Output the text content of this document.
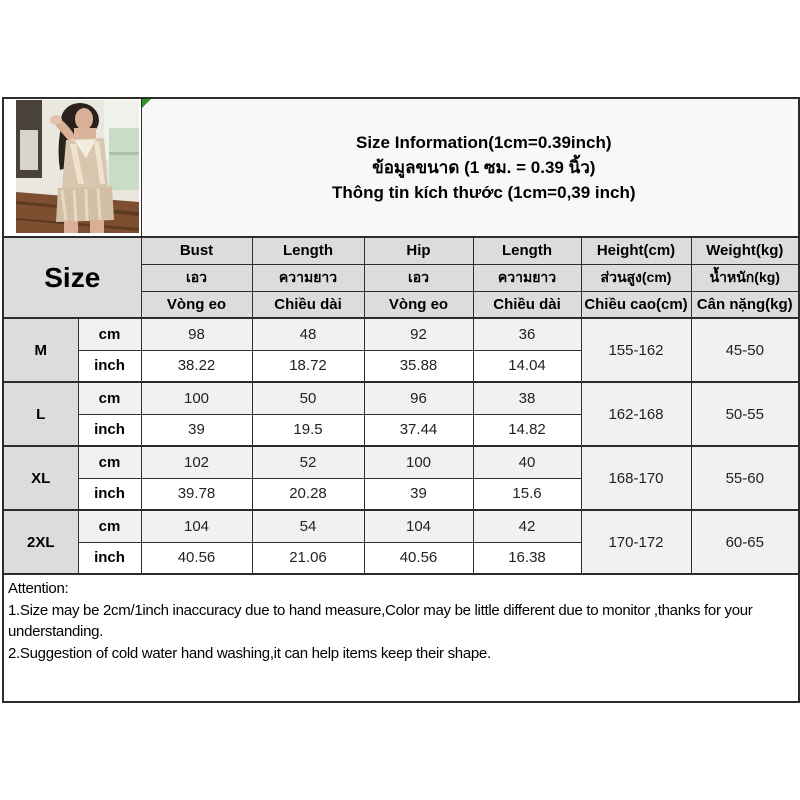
Size Information(1cm=0.39inch)
ข้อมูลขนาด (1 ซม. = 0.39 นิ้ว)
Thông tin kích thước (1cm=0,39 inch)					

Size		Bust	Length	Hip	Length	Height(cm)	Weight(kg)
		เอว	ความยาว	เอว	ความยาว	ส่วนสูง(cm)	น้ำหนัก(kg)
		Vòng eo	Chiều dài	Vòng eo	Chiều dài	Chiều cao(cm)	Cân nặng(kg)
M	cm	98	48	92	36	155-162	45-50
	inch	38.22	18.72	35.88	14.04		
L	cm	100	50	96	38	162-168	50-55
	inch	39	19.5	37.44	14.82		
XL	cm	102	52	100	40	168-170	55-60
	inch	39.78	20.28	39	15.6		
2XL	cm	104	54	104	42	170-172	60-65
	inch	40.56	21.06	40.56	16.38		

Attention:
1.Size may be 2cm/1inch inaccuracy due to hand measure,Color may be little different due to monitor ,thanks for your understanding.
2.Suggestion of cold water hand washing,it can help items keep their shape.							
